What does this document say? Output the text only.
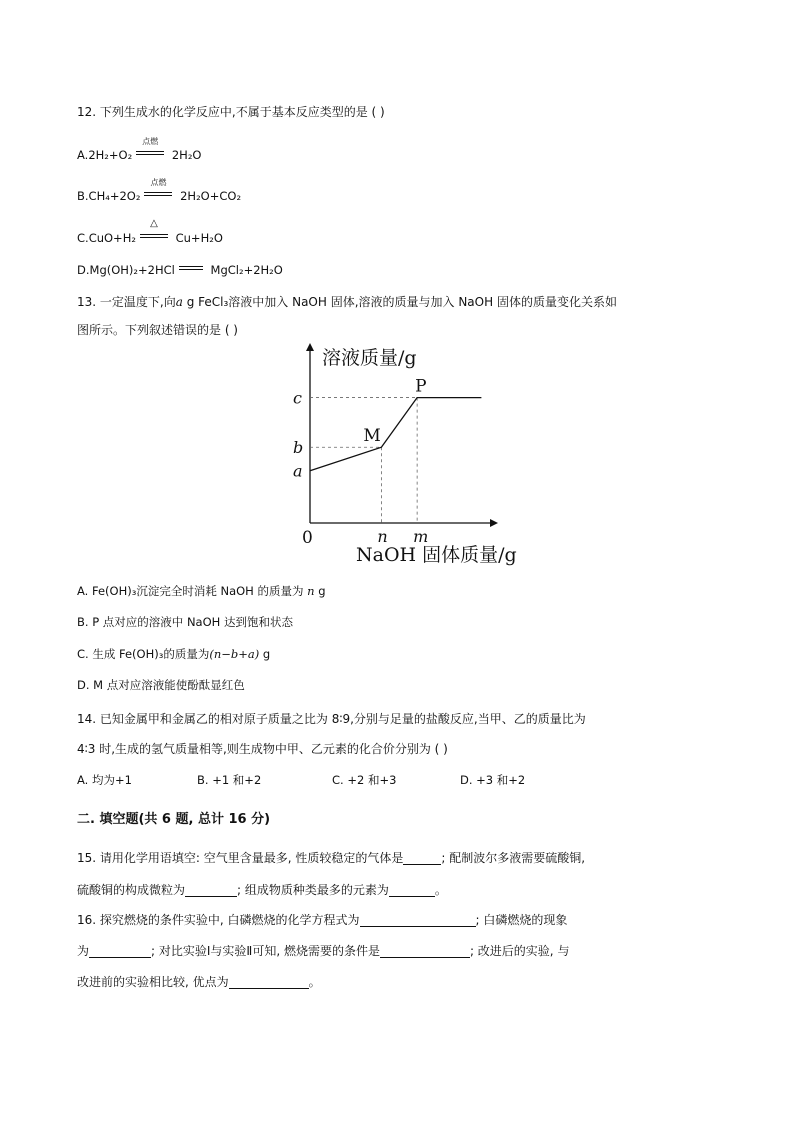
12. 下列生成水的化学反应中,不属于基本反应类型的是 ( )
A.2H₂+O₂
点燃
2H₂O
B.CH₄+2O₂
点燃
2H₂O+CO₂
C.CuO+H₂
△
Cu+H₂O
D.Mg(OH)₂+2HCl	MgCl₂+2H₂O
13. 一定温度下,向a g FeCl₃溶液中加入 NaOH 固体,溶液的质量与加入 NaOH 固体的质量变化关系如
图所示。下列叙述错误的是 ( )
溶液质量/g
NaOH 固体质量/g
0	n
M
m
P
a
b
c
A. Fe(OH)₃沉淀完全时消耗 NaOH 的质量为 n g
B. P 点对应的溶液中 NaOH 达到饱和状态
C. 生成 Fe(OH)₃的质量为(n−b+a) g
D. M 点对应溶液能使酚酞显红色
14. 已知金属甲和金属乙的相对原子质量之比为 8∶9,分别与足量的盐酸反应,当甲、乙的质量比为
4∶3 时,生成的氢气质量相等,则生成物中甲、乙元素的化合价分别为 ( )
A. 均为+1	B. +1 和+2	C. +2 和+3	D. +3 和+2
二. 填空题(共 6 题, 总计 16 分)
15. 请用化学用语填空: 空气里含量最多, 性质较稳定的气体是	; 配制波尔多液需要硫酸铜,
硫酸铜的构成微粒为	; 组成物质种类最多的元素为	。
16. 探究燃烧的条件实验中, 白磷燃烧的化学方程式为	; 白磷燃烧的现象
为	; 对比实验Ⅰ与实验Ⅱ可知, 燃烧需要的条件是	; 改进后的实验, 与
改进前的实验相比较, 优点为	。
